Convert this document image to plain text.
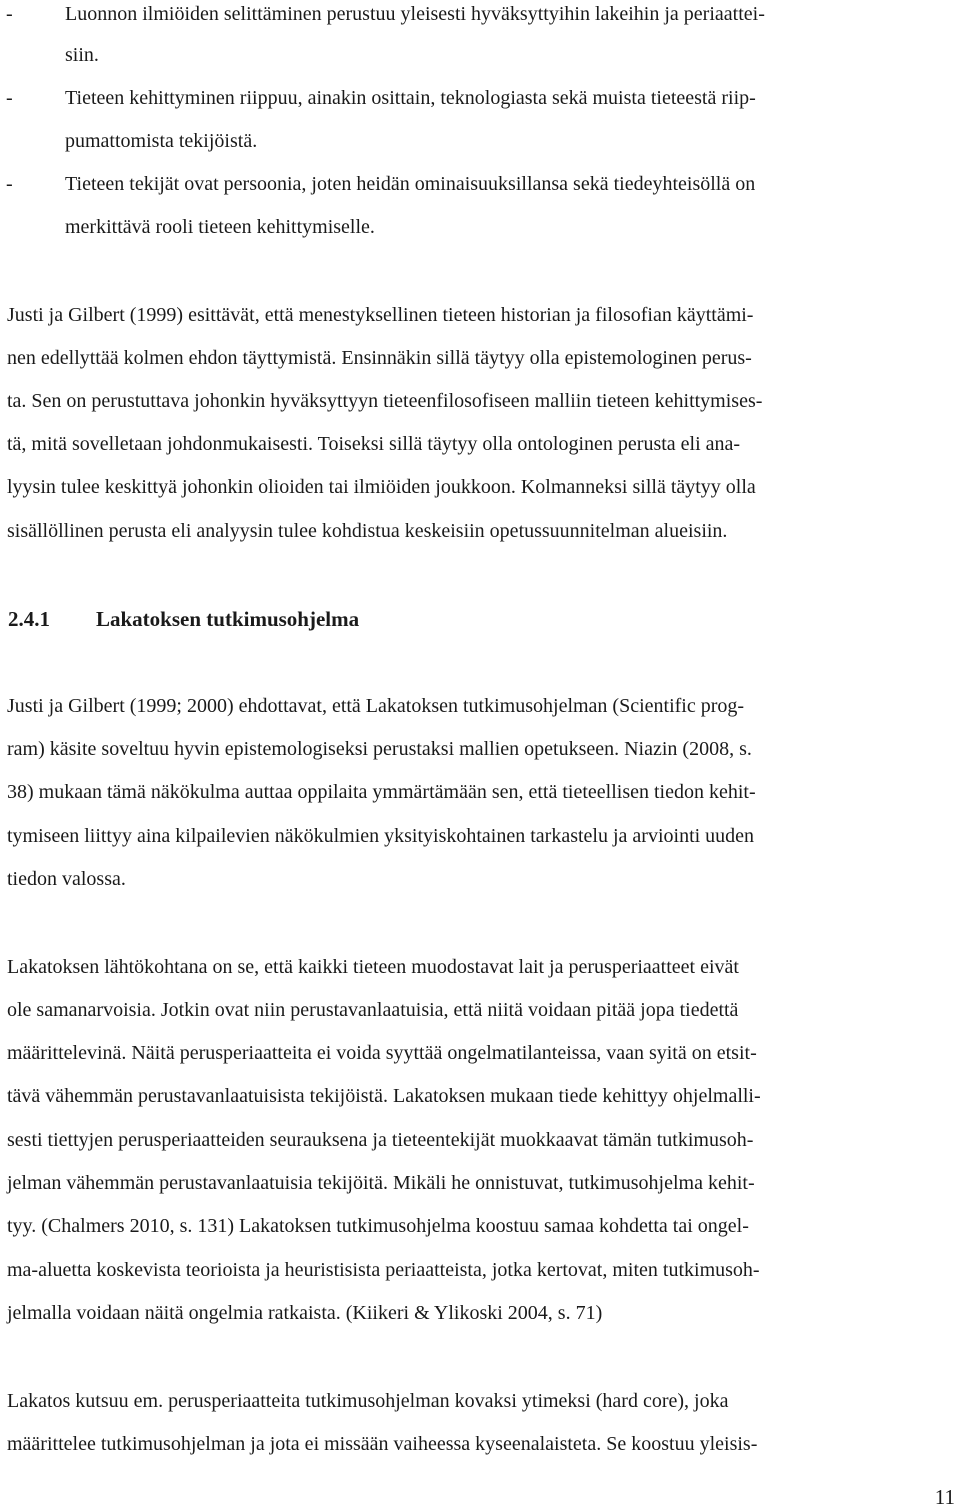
-	Luonnon ilmiöiden selittäminen perustuu yleisesti hyväksyttyihin lakeihin ja periaattei-
siin.
-	Tieteen kehittyminen riippuu, ainakin osittain, teknologiasta sekä muista tieteestä riip-
pumattomista tekijöistä.
-	Tieteen tekijät ovat persoonia, joten heidän ominaisuuksillansa sekä tiedeyhteisöllä on
merkittävä rooli tieteen kehittymiselle.
Justi ja Gilbert (1999) esittävät, että menestyksellinen tieteen historian ja filosofian käyttämi-
nen edellyttää kolmen ehdon täyttymistä. Ensinnäkin sillä täytyy olla epistemologinen perus-
ta. Sen on perustuttava johonkin hyväksyttyyn tieteenfilosofiseen malliin tieteen kehittymises-
tä, mitä sovelletaan johdonmukaisesti. Toiseksi sillä täytyy olla ontologinen perusta eli ana-
lyysin tulee keskittyä johonkin olioiden tai ilmiöiden joukkoon. Kolmanneksi sillä täytyy olla
sisällöllinen perusta eli analyysin tulee kohdistua keskeisiin opetussuunnitelman alueisiin.
2.4.1 Lakatoksen tutkimusohjelma
Justi ja Gilbert (1999; 2000) ehdottavat, että Lakatoksen tutkimusohjelman (Scientific prog-
ram) käsite soveltuu hyvin epistemologiseksi perustaksi mallien opetukseen. Niazin (2008, s.
38) mukaan tämä näkökulma auttaa oppilaita ymmärtämään sen, että tieteellisen tiedon kehit-
tymiseen liittyy aina kilpailevien näkökulmien yksityiskohtainen tarkastelu ja arviointi uuden
tiedon valossa.
Lakatoksen lähtökohtana on se, että kaikki tieteen muodostavat lait ja perusperiaatteet eivät
ole samanarvoisia. Jotkin ovat niin perustavanlaatuisia, että niitä voidaan pitää jopa tiedettä
määrittelevinä. Näitä perusperiaatteita ei voida syyttää ongelmatilanteissa, vaan syitä on etsit-
tävä vähemmän perustavanlaatuisista tekijöistä. Lakatoksen mukaan tiede kehittyy ohjelmalli-
sesti tiettyjen perusperiaatteiden seurauksena ja tieteentekijät muokkaavat tämän tutkimusoh-
jelman vähemmän perustavanlaatuisia tekijöitä. Mikäli he onnistuvat, tutkimusohjelma kehit-
tyy. (Chalmers 2010, s. 131) Lakatoksen tutkimusohjelma koostuu samaa kohdetta tai ongel-
ma-aluetta koskevista teorioista ja heuristisista periaatteista, jotka kertovat, miten tutkimusoh-
jelmalla voidaan näitä ongelmia ratkaista. (Kiikeri & Ylikoski 2004, s. 71)
Lakatos kutsuu em. perusperiaatteita tutkimusohjelman kovaksi ytimeksi (hard core), joka
määrittelee tutkimusohjelman ja jota ei missään vaiheessa kyseenalaisteta. Se koostuu yleisis-
11
